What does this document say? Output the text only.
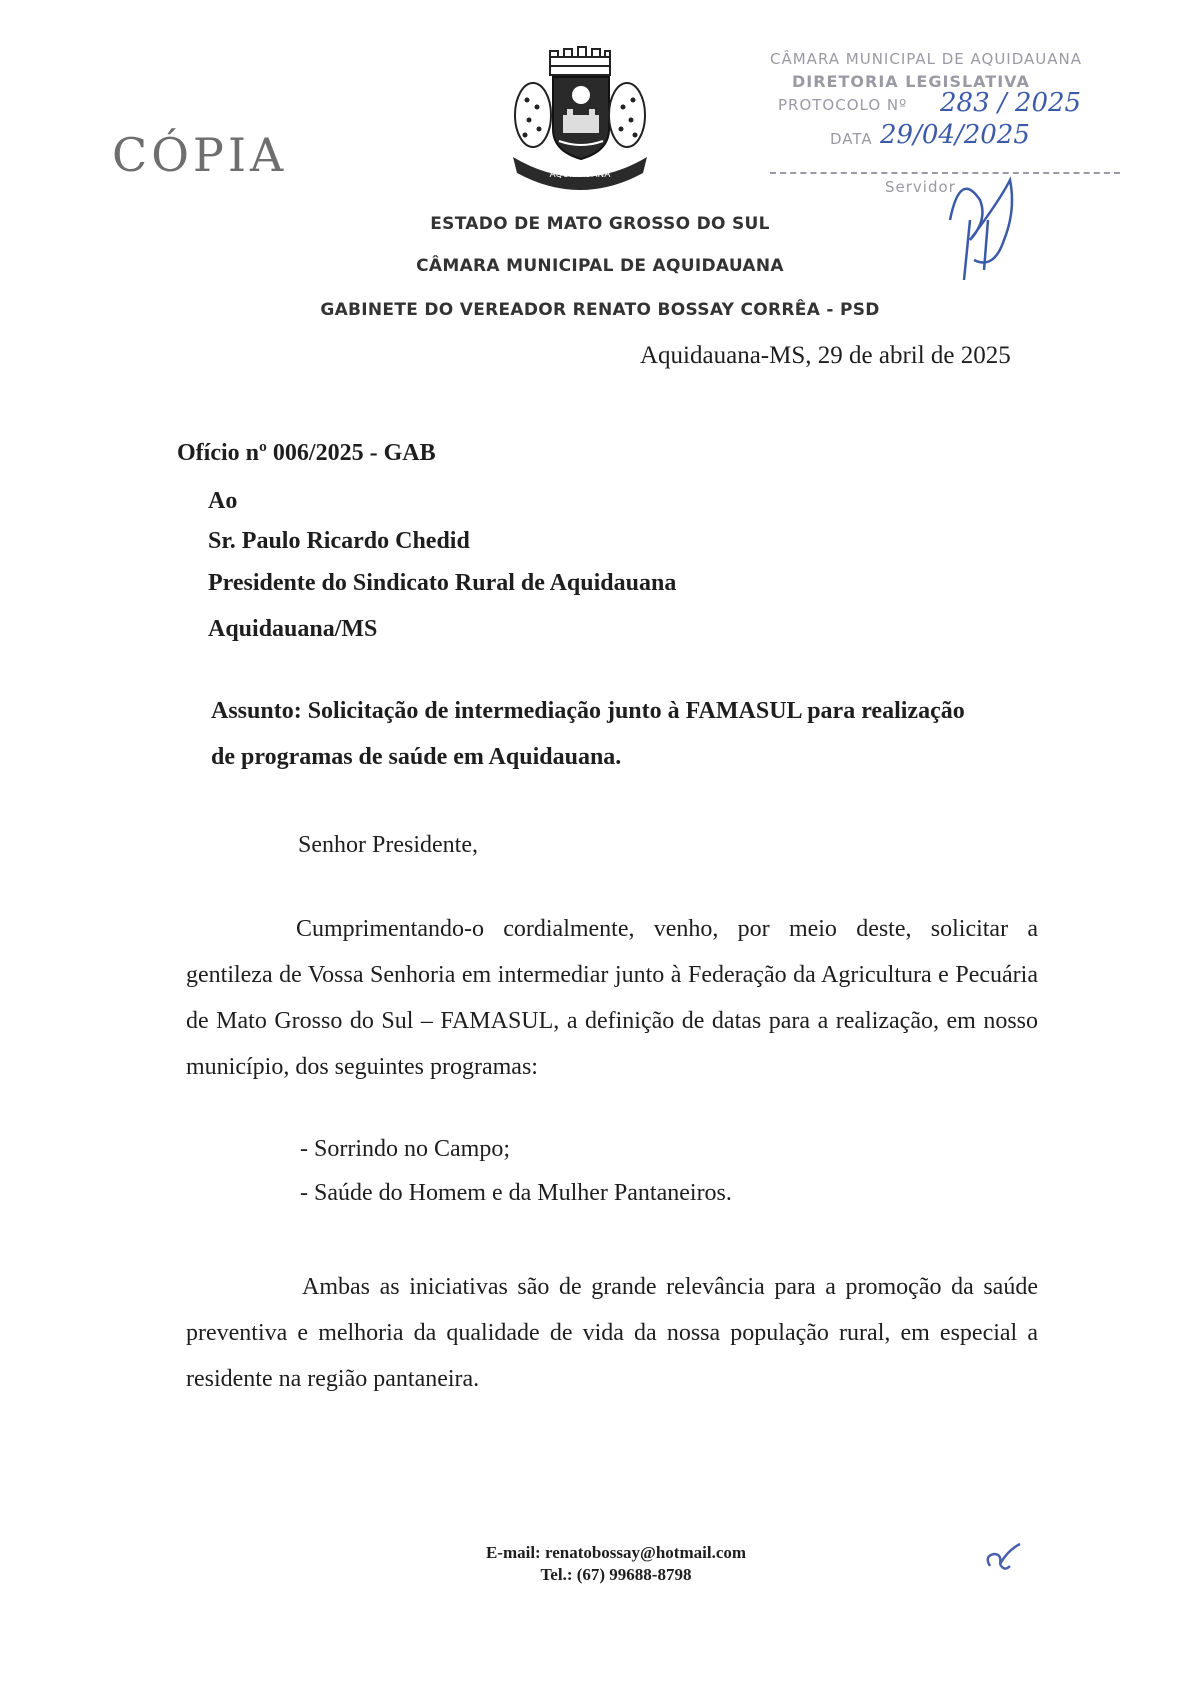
CÓPIA	AQUIDAUANA
CÂMARA MUNICIPAL DE AQUIDAUANA
DIRETORIA LEGISLATIVA
PROTOCOLO Nº 283 / 2025
DATA 29/04/2025
Servidor
ESTADO DE MATO GROSSO DO SUL
CÂMARA MUNICIPAL DE AQUIDAUANA
GABINETE DO VEREADOR RENATO BOSSAY CORRÊA - PSD
Aquidauana-MS, 29 de abril de 2025
Ofício nº 006/2025 - GAB
Ao
Sr. Paulo Ricardo Chedid
Presidente do Sindicato Rural de Aquidauana
Aquidauana/MS
Assunto: Solicitação de intermediação junto à FAMASUL para realização
de programas de saúde em Aquidauana.
Senhor Presidente,
Cumprimentando-o cordialmente, venho, por meio deste, solicitar a
gentileza de Vossa Senhoria em intermediar junto à Federação da Agricultura e Pecuária de Mato Grosso do Sul – FAMASUL, a definição de datas para a realização, em nosso município, dos seguintes programas:
- Sorrindo no Campo;
- Saúde do Homem e da Mulher Pantaneiros.
Ambas as iniciativas são de grande relevância para a promoção da saúde
preventiva e melhoria da qualidade de vida da nossa população rural, em especial a residente na região pantaneira.
E-mail: renatobossay@hotmail.com
Tel.: (67) 99688-8798
